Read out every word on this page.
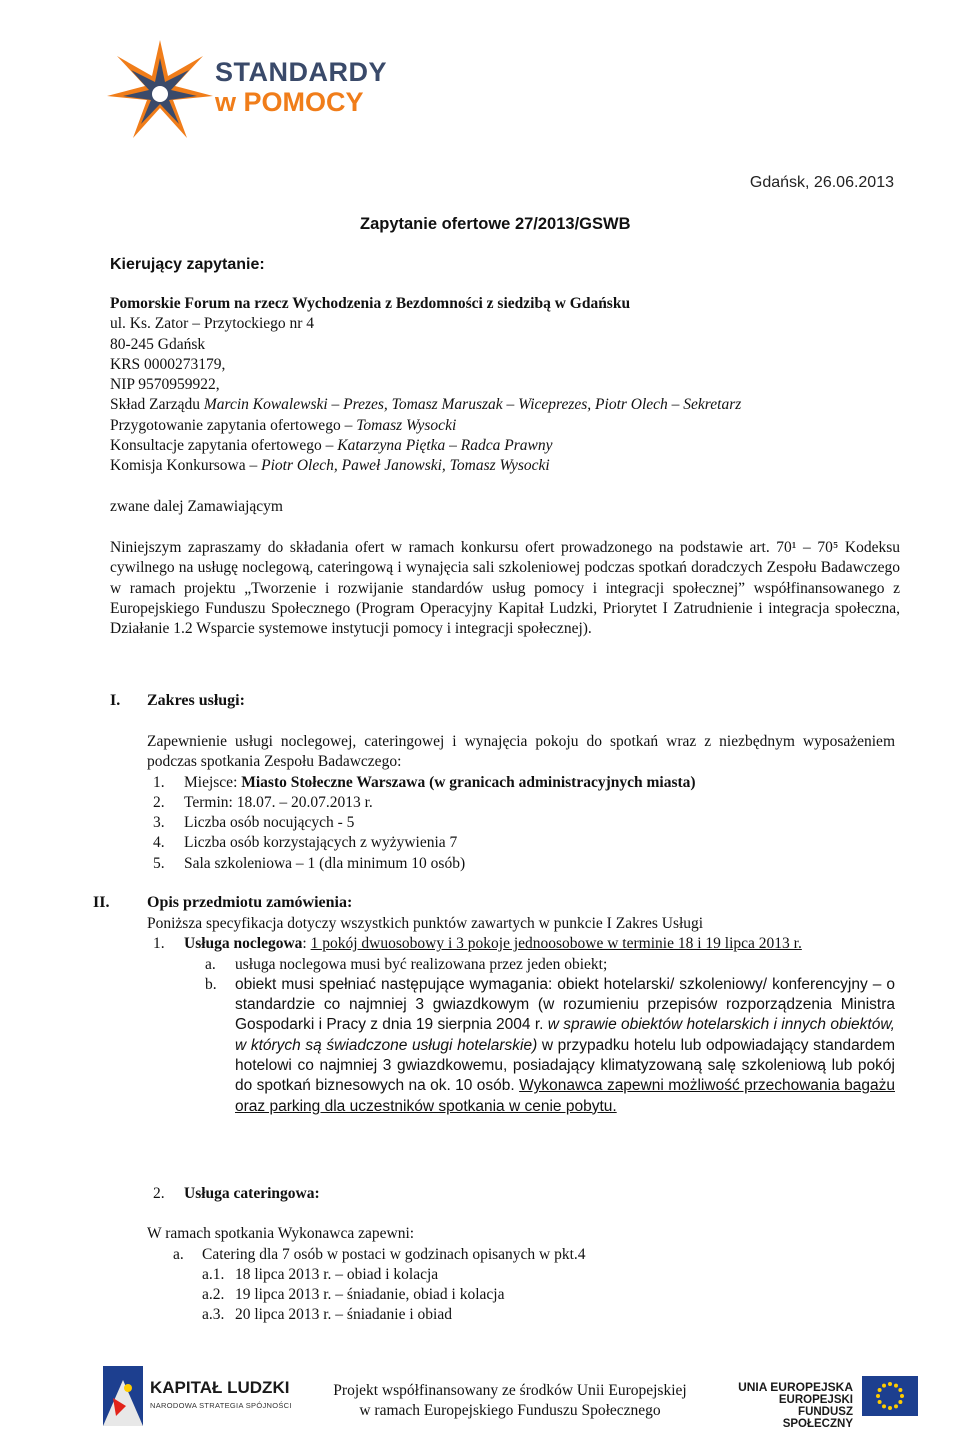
STANDARDY
w POMOCY
Gdańsk, 26.06.2013
Zapytanie ofertowe 27/2013/GSWB
Kierujący zapytanie:
Pomorskie Forum na rzecz Wychodzenia z Bezdomności z siedzibą w Gdańsku
ul. Ks. Zator – Przytockiego nr 4
80-245 Gdańsk
KRS 0000273179,
NIP 9570959922,
Skład Zarządu Marcin Kowalewski – Prezes, Tomasz Maruszak – Wiceprezes, Piotr Olech – Sekretarz
Przygotowanie zapytania ofertowego – Tomasz Wysocki
Konsultacje zapytania ofertowego – Katarzyna Piętka – Radca Prawny
Komisja Konkursowa – Piotr Olech, Paweł Janowski, Tomasz Wysocki
zwane dalej Zamawiającym
Niniejszym zapraszamy do składania ofert w ramach konkursu ofert prowadzonego na podstawie art. 70¹ – 70⁵ Kodeksu cywilnego na usługę noclegową, cateringową i wynajęcia sali szkoleniowej podczas spotkań doradczych Zespołu Badawczego w ramach projektu „Tworzenie i rozwijanie standardów usług pomocy i integracji społecznej” współfinansowanego z Europejskiego Funduszu Społecznego (Program Operacyjny Kapitał Ludzki, Priorytet I Zatrudnienie i integracja społeczna, Działanie 1.2 Wsparcie systemowe instytucji pomocy i integracji społecznej).
I. Zakres usługi:
Zapewnienie usługi noclegowej, cateringowej i wynajęcia pokoju do spotkań wraz z niezbędnym wyposażeniem podczas spotkania Zespołu Badawczego:
1. Miejsce: Miasto Stołeczne Warszawa (w granicach administracyjnych miasta)
2. Termin: 18.07. – 20.07.2013 r.
3. Liczba osób nocujących - 5
4. Liczba osób korzystających z wyżywienia 7
5. Sala szkoleniowa – 1 (dla minimum 10 osób)
II. Opis przedmiotu zamówienia:
Poniższa specyfikacja dotyczy wszystkich punktów zawartych w punkcie I Zakres Usługi
1. Usługa noclegowa: 1 pokój dwuosobowy i 3 pokoje jednoosobowe w terminie 18 i 19 lipca 2013 r.
a. usługa noclegowa musi być realizowana przez jeden obiekt;
b. obiekt musi spełniać następujące wymagania: obiekt hotelarski/ szkoleniowy/ konferencyjny – o standardzie co najmniej 3 gwiazdkowym (w rozumieniu przepisów rozporządzenia Ministra Gospodarki i Pracy z dnia 19 sierpnia 2004 r. w sprawie obiektów hotelarskich i innych obiektów, w których są świadczone usługi hotelarskie) w przypadku hotelu lub odpowiadający standardem hotelowi co najmniej 3 gwiazdkowemu, posiadający klimatyzowaną salę szkoleniową lub pokój do spotkań biznesowych na ok. 10 osób. Wykonawca zapewni możliwość przechowania bagażu oraz parking dla uczestników spotkania w cenie pobytu.
2. Usługa cateringowa:
W ramach spotkania Wykonawca zapewni:
a. Catering dla 7 osób w postaci w godzinach opisanych w pkt.4
a.1. 18 lipca 2013 r. – obiad i kolacja
a.2. 19 lipca 2013 r. – śniadanie, obiad i kolacja
a.3. 20 lipca 2013 r. – śniadanie i obiad
KAPITAŁ LUDZKI
NARODOWA STRATEGIA SPÓJNOŚCI
Projekt współfinansowany ze środków Unii Europejskiej
w ramach Europejskiego Funduszu Społecznego
UNIA EUROPEJSKA
EUROPEJSKI
FUNDUSZ SPOŁECZNY
